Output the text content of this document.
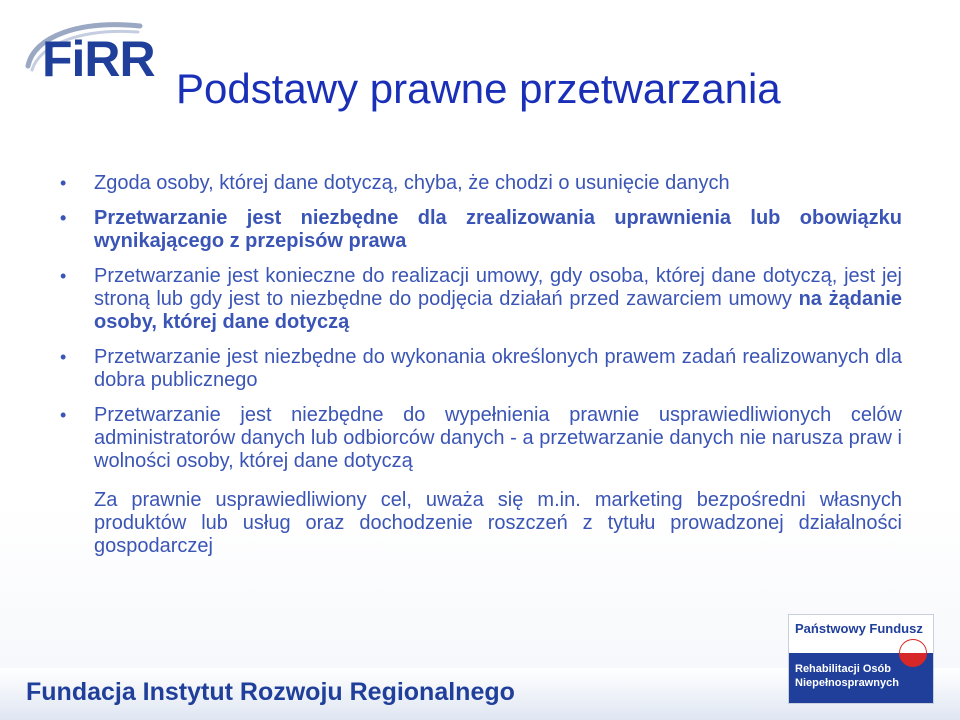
FiRR
Podstawy prawne przetwarzania
•	Zgoda osoby, której dane dotyczą, chyba, że chodzi o usunięcie danych
•	Przetwarzanie jest niezbędne dla zrealizowania uprawnienia lub obowiązku wynikającego z przepisów prawa
•	Przetwarzanie jest konieczne do realizacji umowy, gdy osoba, której dane dotyczą, jest jej stroną lub gdy jest to niezbędne do podjęcia działań przed zawarciem umowy na żądanie osoby, której dane dotyczą
•	Przetwarzanie jest niezbędne do wykonania określonych prawem zadań realizowanych dla dobra publicznego
•	Przetwarzanie jest niezbędne do wypełnienia prawnie usprawiedliwionych celów administratorów danych lub odbiorców danych - a przetwarzanie danych nie narusza praw i wolności osoby, której dane dotyczą

Za prawnie usprawiedliwiony cel, uważa się m.in. marketing bezpośredni własnych produktów lub usług oraz dochodzenie roszczeń z tytułu prowadzonej działalności gospodarczej

Fundacja Instytut Rozwoju Regionalnego
Państwowy Fundusz
Rehabilitacji Osób
Niepełnosprawnych
